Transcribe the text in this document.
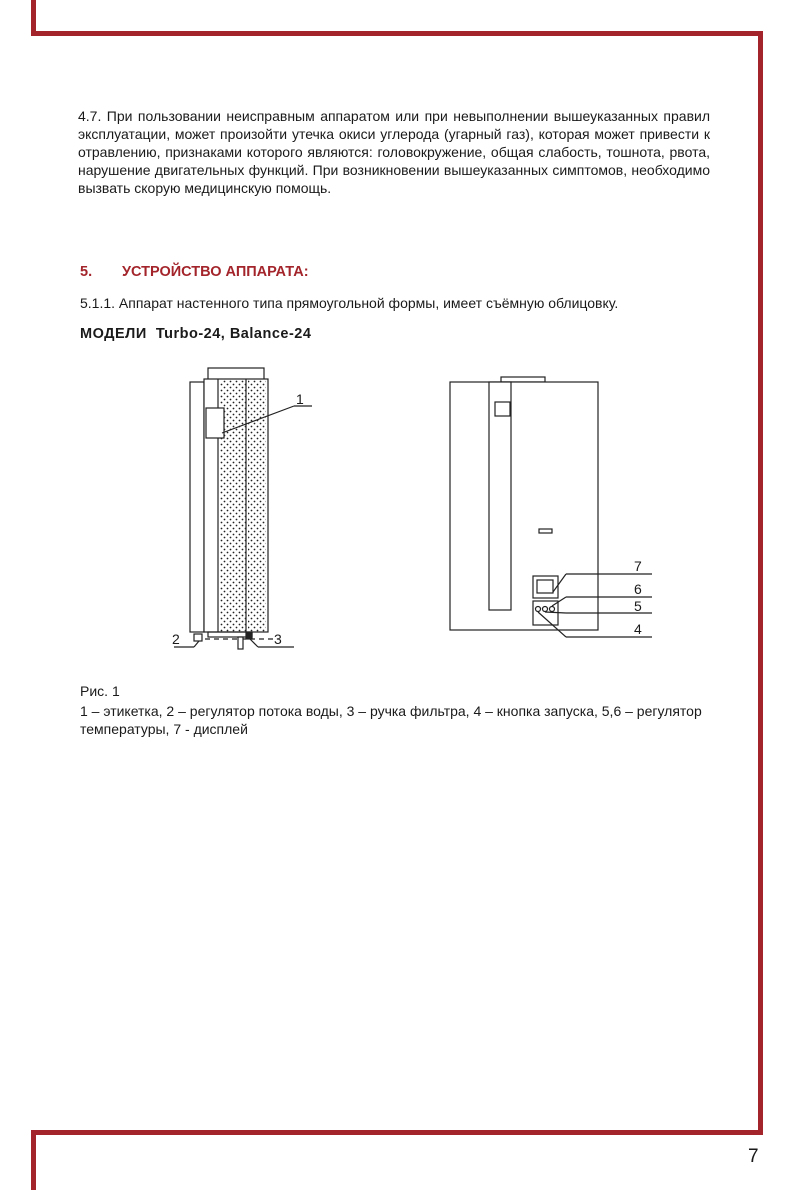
4.7. При пользовании неисправным аппаратом или при невыполнении вышеуказанных правил эксплуатации, может произойти утечка окиси углерода (угарный газ), которая может привести к отравлению, признаками которого являются: головокружение, общая слабость, тошнота, рвота, нарушение двигательных функций. При возникновении вышеуказанных симптомов, необходимо вызвать скорую медицинскую помощь.

5. УСТРОЙСТВО АППАРАТА:

5.1.1. Аппарат настенного типа прямоугольной формы, имеет съёмную облицовку.

МОДЕЛИ  Turbo-24, Balance-24

1
2	3
7
6
5
4

Рис. 1

1 – этикетка, 2 – регулятор потока воды, 3 – ручка фильтра, 4 – кнопка запуска, 5,6 – регулятор температуры, 7 - дисплей

7
